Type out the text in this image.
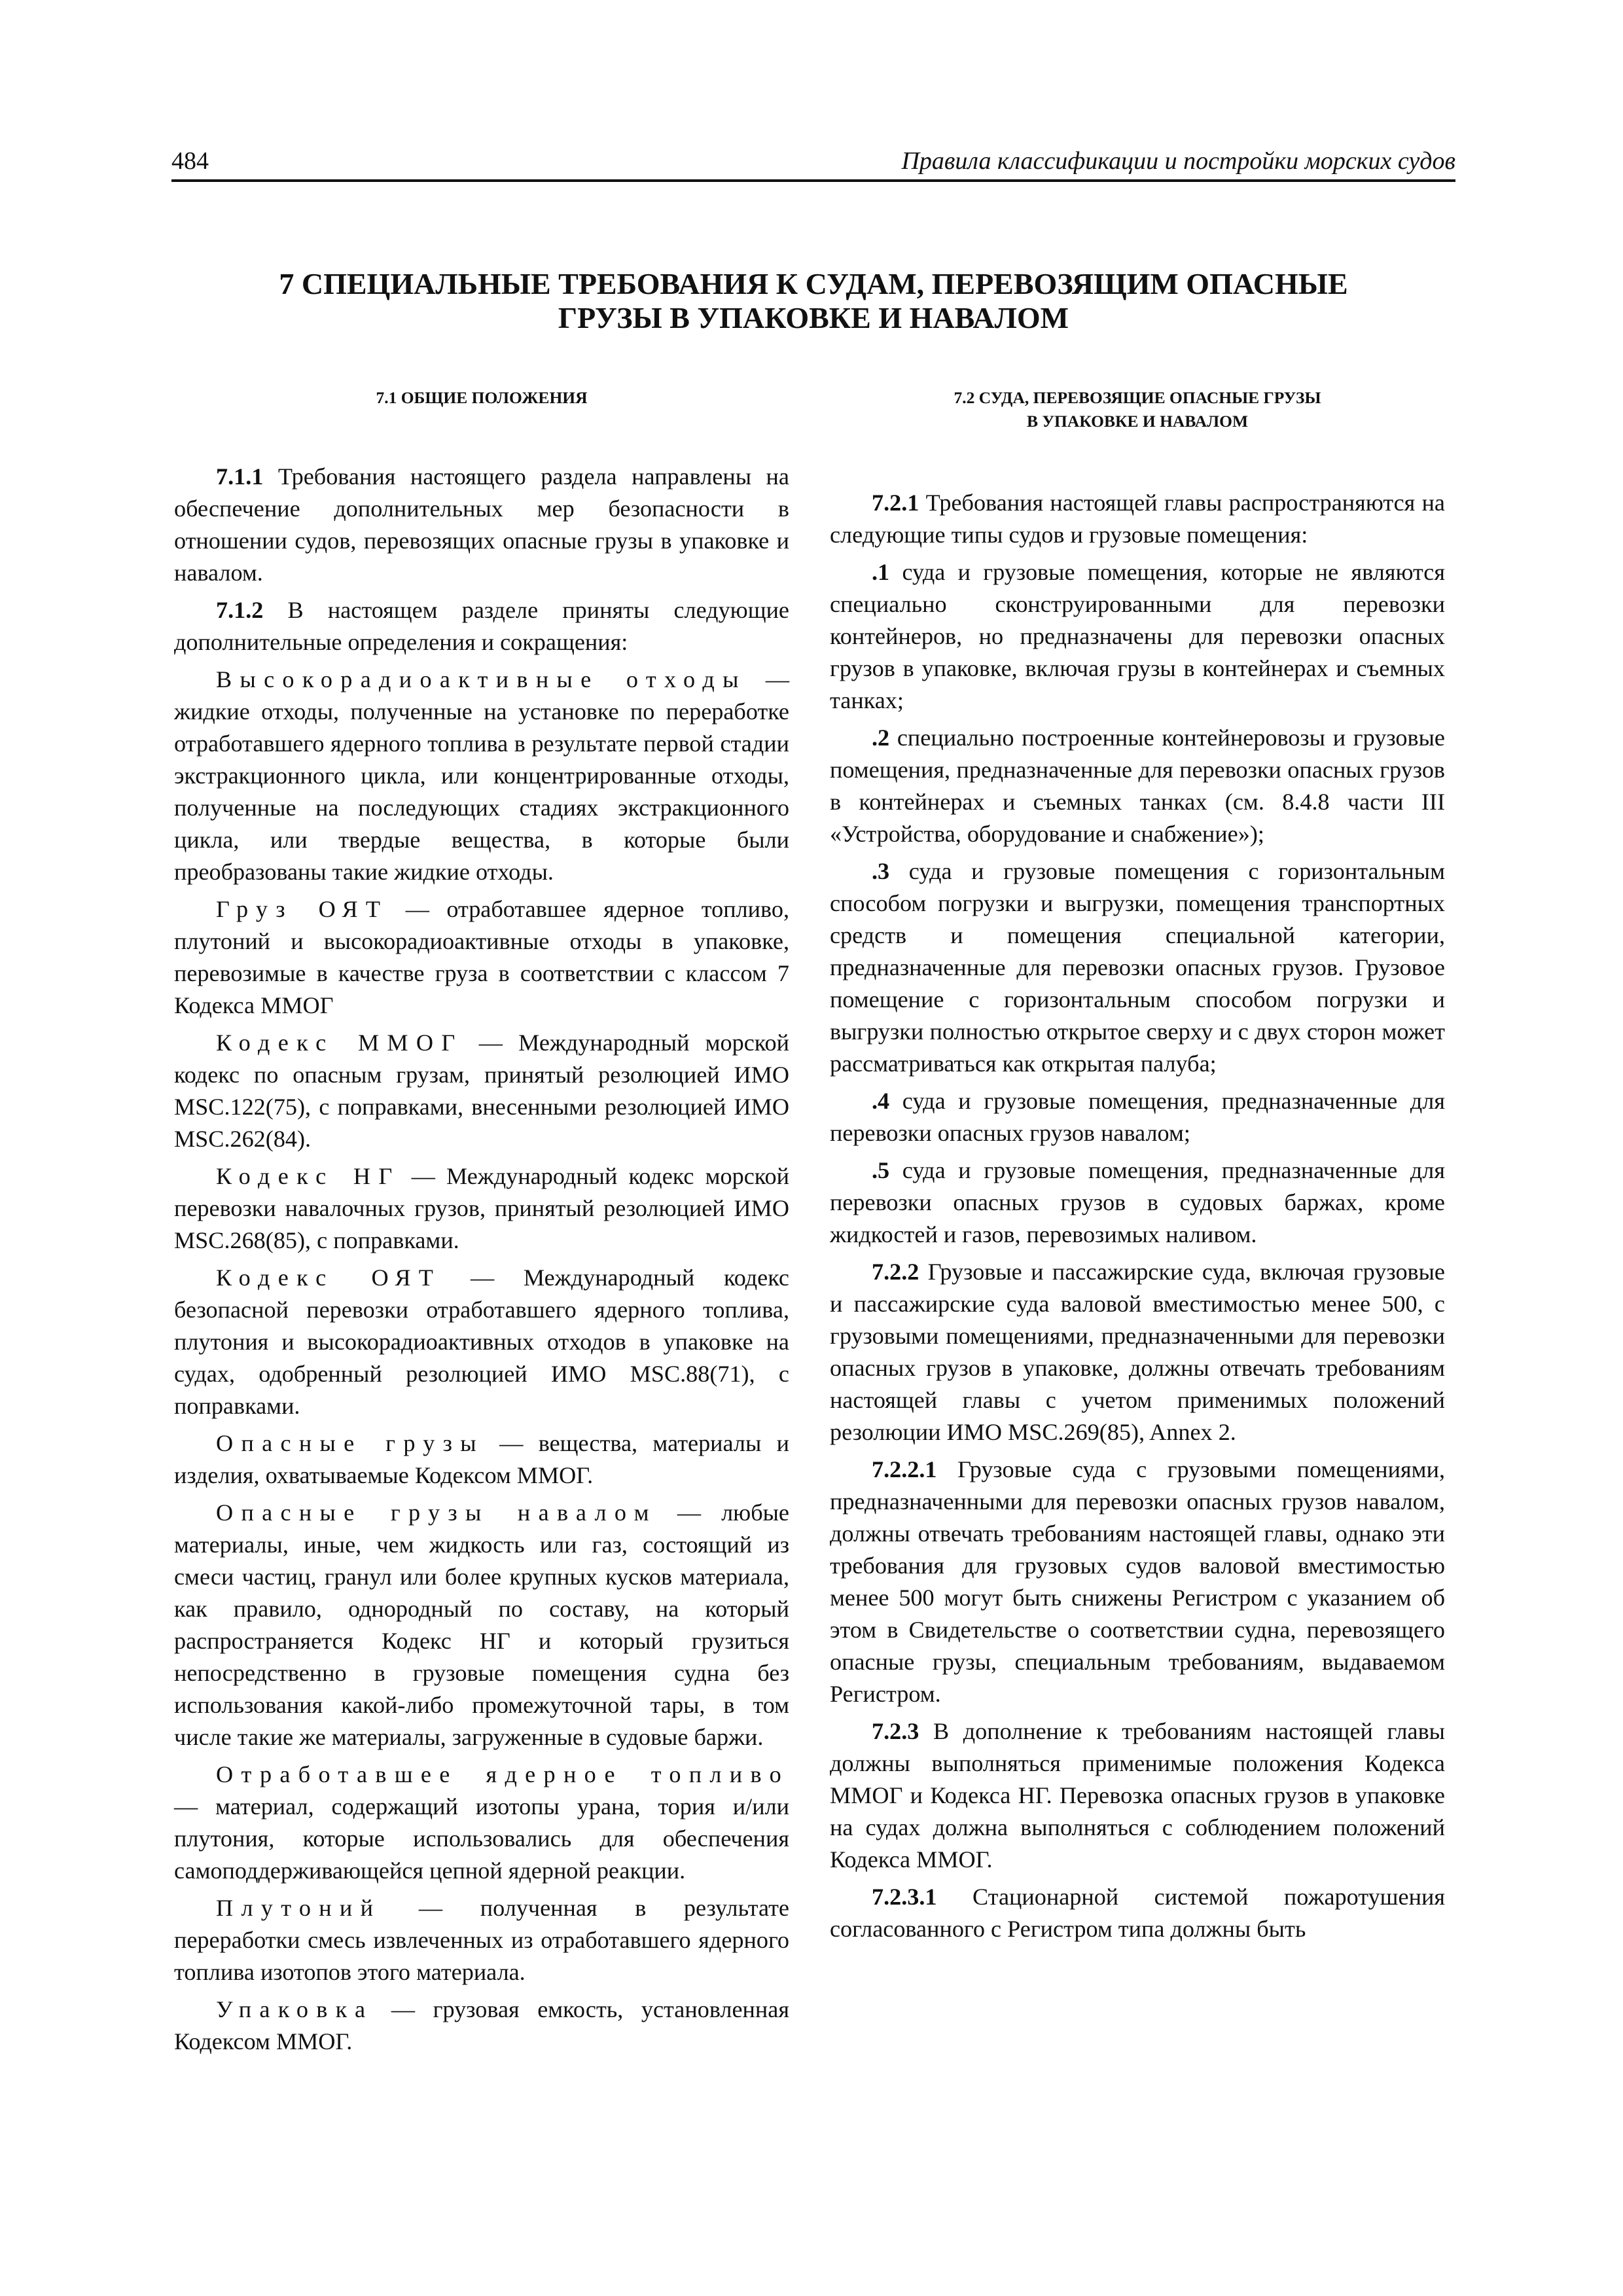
484	Правила классификации и постройки морских судов
7 СПЕЦИАЛЬНЫЕ ТРЕБОВАНИЯ К СУДАМ, ПЕРЕВОЗЯЩИМ ОПАСНЫЕ
ГРУЗЫ В УПАКОВКЕ И НАВАЛОМ
7.1 ОБЩИЕ ПОЛОЖЕНИЯ

7.1.1 Требования настоящего раздела направлены на обеспечение дополнительных мер безопасности в отношении судов, перевозящих опасные грузы в упаковке и навалом.

7.1.2 В настоящем разделе приняты следующие дополнительные определения и сокращения:

Высокорадиоактивные отходы — жидкие отходы, полученные на установке по переработке отработавшего ядерного топлива в результате первой стадии экстракционного цикла, или концентрированные отходы, полученные на последующих стадиях экстракционного цикла, или твердые вещества, в которые были преобразованы такие жидкие отходы.

Груз ОЯТ — отработавшее ядерное топливо, плутоний и высокорадиоактивные отходы в упаковке, перевозимые в качестве груза в соответствии с классом 7 Кодекса ММОГ

Кодекс ММОГ — Международный морской кодекс по опасным грузам, принятый резолюцией ИМО MSC.122(75), с поправками, внесенными резолюцией ИМО MSC.262(84).

Кодекс НГ — Международный кодекс морской перевозки навалочных грузов, принятый резолюцией ИМО MSC.268(85), с поправками.

Кодекс ОЯТ — Международный кодекс безопасной перевозки отработавшего ядерного топлива, плутония и высокорадиоактивных отходов в упаковке на судах, одобренный резолюцией ИМО MSC.88(71), с поправками.

Опасные грузы — вещества, материалы и изделия, охватываемые Кодексом ММОГ.

Опасные грузы навалом — любые материалы, иные, чем жидкость или газ, состоящий из смеси частиц, гранул или более крупных кусков материала, как правило, однородный по составу, на который распространяется Кодекс НГ и который грузиться непосредственно в грузовые помещения судна без использования какой-либо промежуточной тары, в том числе такие же материалы, загруженные в судовые баржи.

Отработавшее ядерное топливо — материал, содержащий изотопы урана, тория и/или плутония, которые использовались для обеспечения самоподдерживающейся цепной ядерной реакции.

Плутоний — полученная в результате переработки смесь извлеченных из отработавшего ядерного топлива изотопов этого материала.

Упаковка — грузовая емкость, установленная Кодексом ММОГ.

7.2 СУДА, ПЕРЕВОЗЯЩИЕ ОПАСНЫЕ ГРУЗЫ
В УПАКОВКЕ И НАВАЛОМ

7.2.1 Требования настоящей главы распространяются на следующие типы судов и грузовые помещения:

.1 суда и грузовые помещения, которые не являются специально сконструированными для перевозки контейнеров, но предназначены для перевозки опасных грузов в упаковке, включая грузы в контейнерах и съемных танках;

.2 специально построенные контейнеровозы и грузовые помещения, предназначенные для перевозки опасных грузов в контейнерах и съемных танках (см. 8.4.8 части III «Устройства, оборудование и снабжение»);

.3 суда и грузовые помещения с горизонтальным способом погрузки и выгрузки, помещения транспортных средств и помещения специальной категории, предназначенные для перевозки опасных грузов. Грузовое помещение с горизонтальным способом погрузки и выгрузки полностью открытое сверху и с двух сторон может рассматриваться как открытая палуба;

.4 суда и грузовые помещения, предназначенные для перевозки опасных грузов навалом;

.5 суда и грузовые помещения, предназначенные для перевозки опасных грузов в судовых баржах, кроме жидкостей и газов, перевозимых наливом.

7.2.2 Грузовые и пассажирские суда, включая грузовые и пассажирские суда валовой вместимостью менее 500, с грузовыми помещениями, предназначенными для перевозки опасных грузов в упаковке, должны отвечать требованиям настоящей главы с учетом применимых положений резолюции ИМО MSC.269(85), Annex 2.

7.2.2.1 Грузовые суда с грузовыми помещениями, предназначенными для перевозки опасных грузов навалом, должны отвечать требованиям настоящей главы, однако эти требования для грузовых судов валовой вместимостью менее 500 могут быть снижены Регистром с указанием об этом в Свидетельстве о соответствии судна, перевозящего опасные грузы, специальным требованиям, выдаваемом Регистром.

7.2.3 В дополнение к требованиям настоящей главы должны выполняться применимые положения Кодекса ММОГ и Кодекса НГ. Перевозка опасных грузов в упаковке на судах должна выполняться с соблюдением положений Кодекса ММОГ.

7.2.3.1 Стационарной системой пожаротушения согласованного с Регистром типа должны быть
